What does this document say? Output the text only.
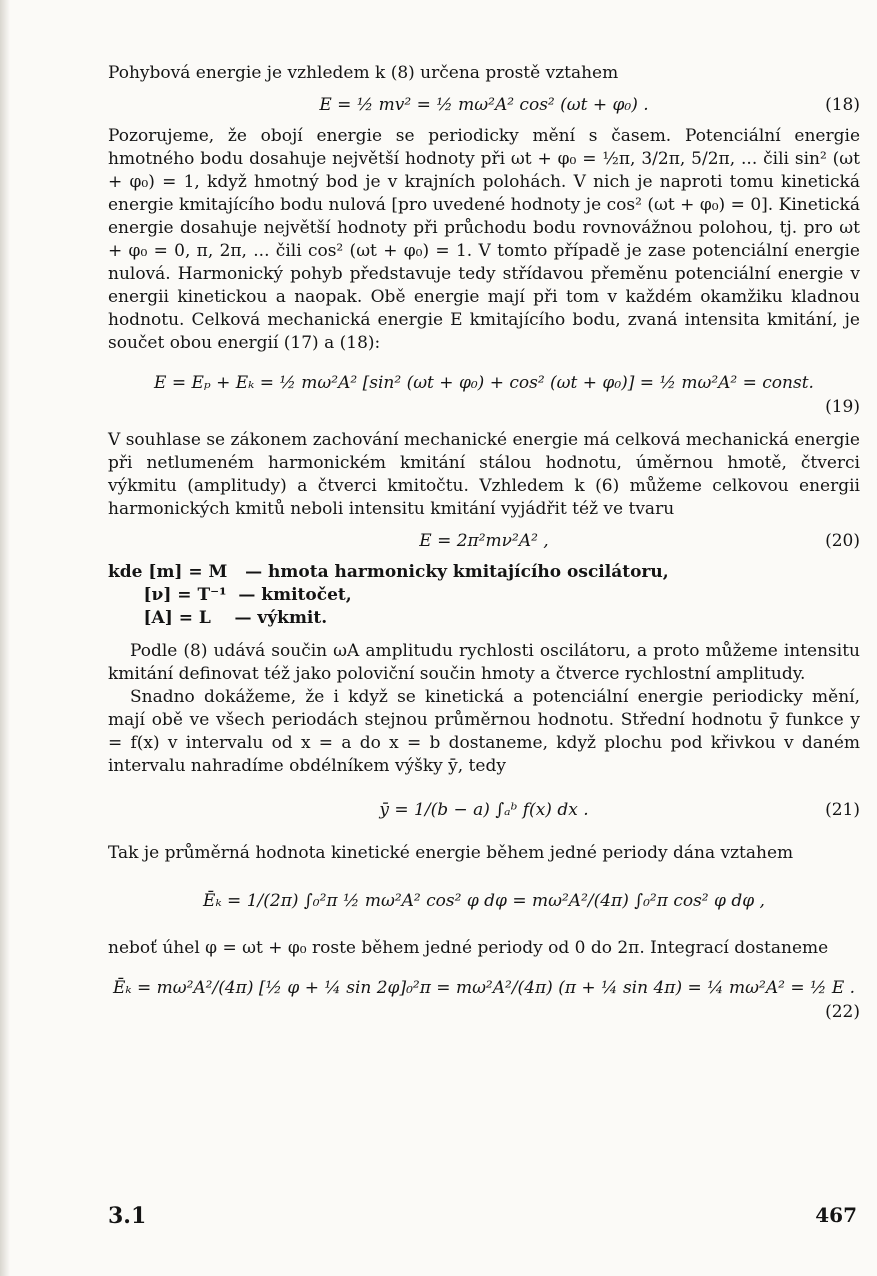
Pohybová energie je vzhledem k (8) určena prostě vztahem

E = ½ mv² = ½ mω²A² cos² (ωt + φ₀) .	(18)

Pozorujeme, že obojí energie se periodicky mění s časem. Potenciální energie hmotného bodu dosahuje největší hodnoty při ωt + φ₀ = ½π, 3/2π, 5/2π, ... čili sin² (ωt + φ₀) = 1, když hmotný bod je v krajních polohách. V nich je naproti tomu kinetická energie kmitajícího bodu nulová [pro uvedené hodnoty je cos² (ωt + φ₀) = 0]. Kinetická energie dosahuje největší hodnoty při průchodu bodu rovnovážnou polohou, tj. pro ωt + φ₀ = 0, π, 2π, ... čili cos² (ωt + φ₀) = 1. V tomto případě je zase potenciální energie nulová. Harmonický pohyb představuje tedy střídavou přeměnu potenciální energie v energii kinetickou a naopak. Obě energie mají při tom v každém okamžiku kladnou hodnotu. Celková mechanická energie E kmitajícího bodu, zvaná intensita kmitání, je součet obou energií (17) a (18):

E = Eₚ + Eₖ = ½ mω²A² [sin² (ωt + φ₀) + cos² (ωt + φ₀)] = ½ mω²A² = const.
(19)

V souhlase se zákonem zachování mechanické energie má celková mechanická energie při netlumeném harmonickém kmitání stálou hodnotu, úměrnou hmotě, čtverci výkmitu (amplitudy) a čtverci kmitočtu. Vzhledem k (6) můžeme celkovou energii harmonických kmitů neboli intensitu kmitání vyjádřit též ve tvaru

E = 2π²mν²A² ,	(20)
kde [m] = M   — hmota harmonicky kmitajícího oscilátoru,
[ν] = T⁻¹  — kmitočet,
[A] = L    — výkmit.

Podle (8) udává součin ωA amplitudu rychlosti oscilátoru, a proto můžeme intensitu kmitání definovat též jako poloviční součin hmoty a čtverce rychlostní amplitudy.

Snadno dokážeme, že i když se kinetická a potenciální energie periodicky mění, mají obě ve všech periodách stejnou průměrnou hodnotu. Střední hodnotu ȳ funkce y = f(x) v intervalu od x = a do x = b dostaneme, když plochu pod křivkou v daném intervalu nahradíme obdélníkem výšky ȳ, tedy

ȳ = 1/(b − a) ∫ₐᵇ f(x) dx .	(21)

Tak je průměrná hodnota kinetické energie během jedné periody dána vztahem

Ēₖ = 1/(2π) ∫₀²π ½ mω²A² cos² φ dφ = mω²A²/(4π) ∫₀²π cos² φ dφ ,

neboť úhel φ = ωt + φ₀ roste během jedné periody od 0 do 2π. Integrací dostaneme

Ēₖ = mω²A²/(4π) [½ φ + ¼ sin 2φ]₀²π = mω²A²/(4π) (π + ¼ sin 4π) = ¼ mω²A² = ½ E .
(22)
3.1	467
